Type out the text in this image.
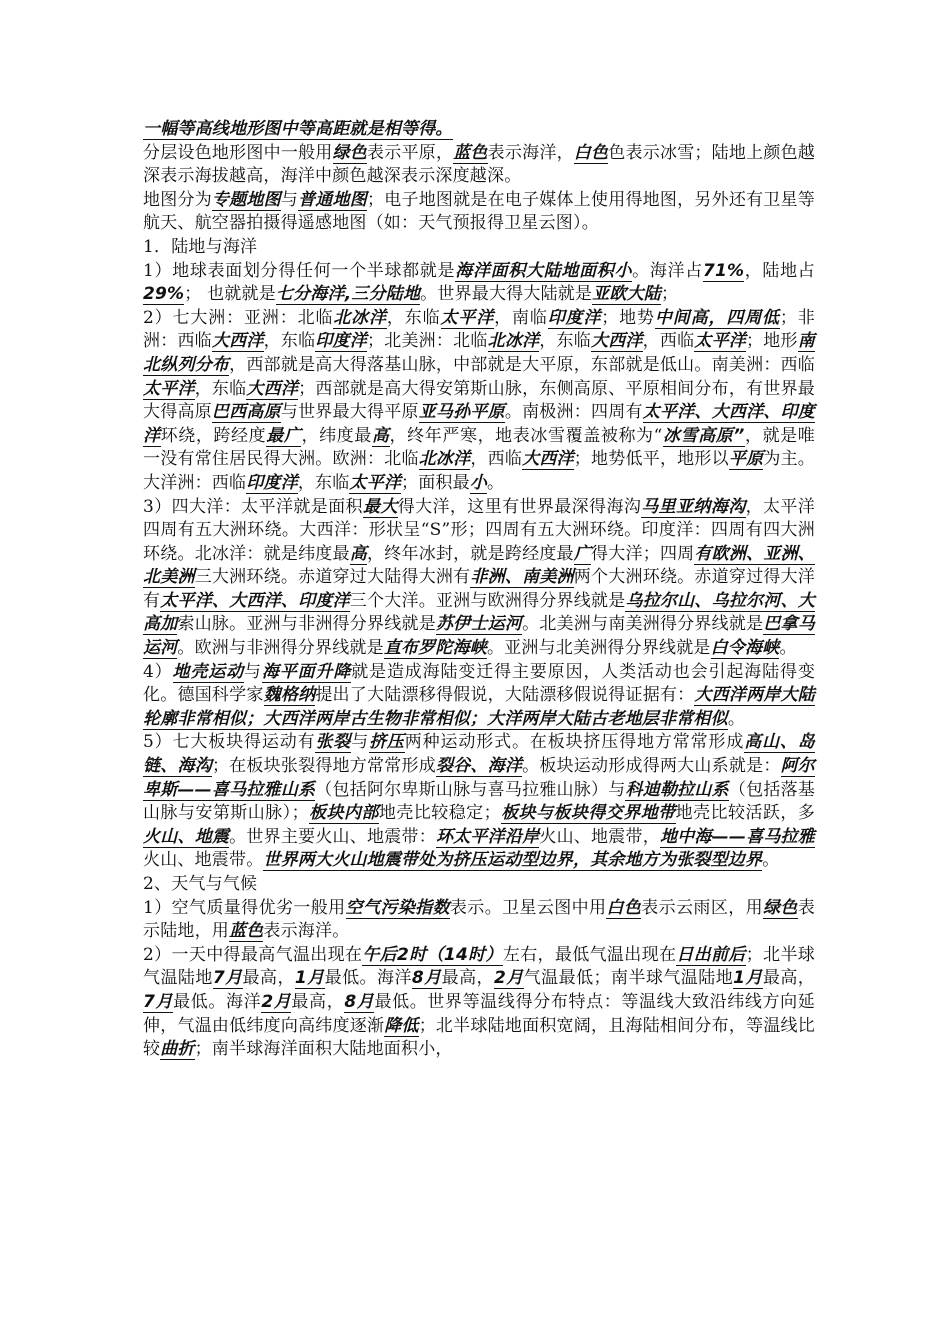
一幅等高线地形图中等高距就是相等得。

分层设色地形图中一般用绿色表示平原，蓝色表示海洋，白色色表示冰雪；陆地上颜色越深表示海拔越高，海洋中颜色越深表示深度越深。

地图分为专题地图与普通地图；电子地图就是在电子媒体上使用得地图，另外还有卫星等航天、航空器拍摄得遥感地图（如：天气预报得卫星云图）。

1．陆地与海洋

1）地球表面划分得任何一个半球都就是海洋面积大陆地面积小。海洋占71%，陆地占29%； 也就就是七分海洋,三分陆地。世界最大得大陆就是亚欧大陆；

2）七大洲：亚洲：北临北冰洋，东临太平洋，南临印度洋；地势中间高，四周低；非洲：西临大西洋，东临印度洋；北美洲：北临北冰洋，东临大西洋，西临太平洋；地形南北纵列分布，西部就是高大得落基山脉，中部就是大平原，东部就是低山。南美洲：西临太平洋，东临大西洋；西部就是高大得安第斯山脉，东侧高原、平原相间分布，有世界最大得高原巴西高原与世界最大得平原亚马孙平原。南极洲：四周有太平洋、大西洋、印度洋环绕，跨经度最广，纬度最高，终年严寒，地表冰雪覆盖被称为“冰雪高原”，就是唯一没有常住居民得大洲。欧洲：北临北冰洋，西临大西洋；地势低平，地形以平原为主。大洋洲：西临印度洋，东临太平洋；面积最小。

3）四大洋：太平洋就是面积最大得大洋，这里有世界最深得海沟马里亚纳海沟，太平洋四周有五大洲环绕。大西洋：形状呈“S”形；四周有五大洲环绕。印度洋：四周有四大洲环绕。北冰洋：就是纬度最高，终年冰封，就是跨经度最广得大洋；四周有欧洲、亚洲、北美洲三大洲环绕。赤道穿过大陆得大洲有非洲、南美洲两个大洲环绕。赤道穿过得大洋有太平洋、大西洋、印度洋三个大洋。亚洲与欧洲得分界线就是乌拉尔山、乌拉尔河、大高加索山脉。亚洲与非洲得分界线就是苏伊士运河。北美洲与南美洲得分界线就是巴拿马运河。欧洲与非洲得分界线就是直布罗陀海峡。亚洲与北美洲得分界线就是白令海峡。

4）地壳运动与海平面升降就是造成海陆变迁得主要原因，人类活动也会引起海陆得变化。德国科学家魏格纳提出了大陆漂移得假说，大陆漂移假说得证据有：大西洋两岸大陆轮廓非常相似；大西洋两岸古生物非常相似；大洋两岸大陆古老地层非常相似。

5）七大板块得运动有张裂与挤压两种运动形式。在板块挤压得地方常常形成高山、岛链、海沟；在板块张裂得地方常常形成裂谷、海洋。板块运动形成得两大山系就是：阿尔卑斯——喜马拉雅山系（包括阿尔卑斯山脉与喜马拉雅山脉）与科迪勒拉山系（包括落基山脉与安第斯山脉）；板块内部地壳比较稳定；板块与板块得交界地带地壳比较活跃，多火山、地震。世界主要火山、地震带：环太平洋沿岸火山、地震带，地中海——喜马拉雅火山、地震带。世界两大火山地震带处为挤压运动型边界，其余地方为张裂型边界。

2、天气与气候

1）空气质量得优劣一般用空气污染指数表示。卫星云图中用白色表示云雨区，用绿色表示陆地，用蓝色表示海洋。

2）一天中得最高气温出现在午后2时（14时）左右，最低气温出现在日出前后；北半球气温陆地7月最高，1月最低。海洋8月最高，2月气温最低；南半球气温陆地1月最高，7月最低。海洋2月最高，8月最低。世界等温线得分布特点：等温线大致沿纬线方向延伸，气温由低纬度向高纬度逐渐降低；北半球陆地面积宽阔，且海陆相间分布，等温线比较曲折；南半球海洋面积大陆地面积小，
